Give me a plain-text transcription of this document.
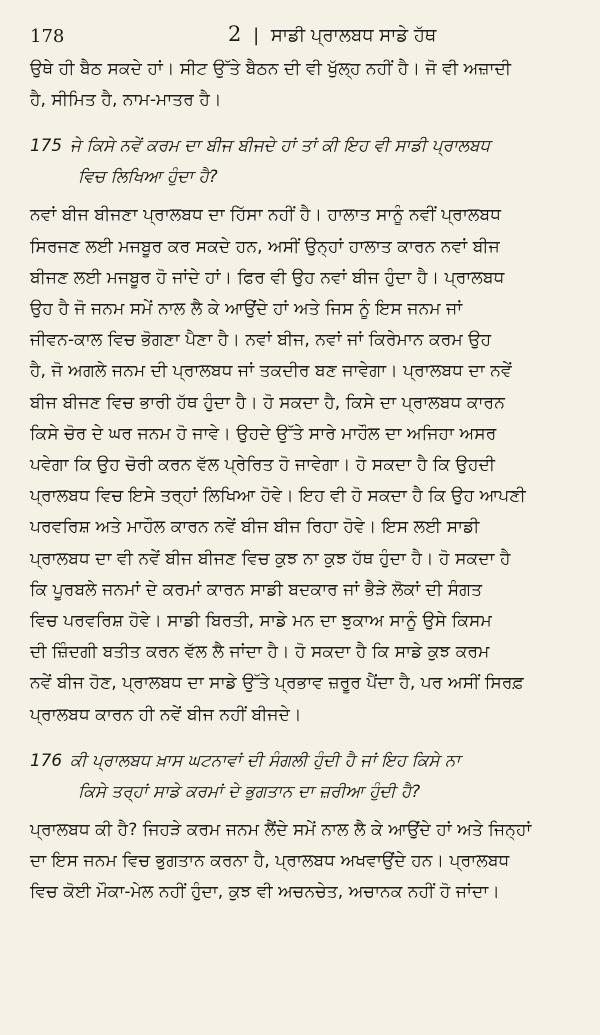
178	2 | ਸਾਡੀ ਪ੍ਰਾਲਬਧ ਸਾਡੇ ਹੱਥ

ਉਥੇ ਹੀ ਬੈਠ ਸਕਦੇ ਹਾਂ। ਸੀਟ ਉੱਤੇ ਬੈਠਨ ਦੀ ਵੀ ਖੁੱਲ੍ਹ ਨਹੀਂ ਹੈ। ਜੋ ਵੀ ਅਜ਼ਾਦੀ
ਹੈ, ਸੀਮਿਤ ਹੈ, ਨਾਮ-ਮਾਤਰ ਹੈ।

175 ਜੇ ਕਿਸੇ ਨਵੇਂ ਕਰਮ ਦਾ ਬੀਜ ਬੀਜਦੇ ਹਾਂ ਤਾਂ ਕੀ ਇਹ ਵੀ ਸਾਡੀ ਪ੍ਰਾਲਬਧ
ਵਿਚ ਲਿਖਿਆ ਹੁੰਦਾ ਹੈ?

ਨਵਾਂ ਬੀਜ ਬੀਜਣਾ ਪ੍ਰਾਲਬਧ ਦਾ ਹਿੱਸਾ ਨਹੀਂ ਹੈ। ਹਾਲਾਤ ਸਾਨੂੰ ਨਵੀਂ ਪ੍ਰਾਲਬਧ
ਸਿਰਜਣ ਲਈ ਮਜਬੂਰ ਕਰ ਸਕਦੇ ਹਨ, ਅਸੀਂ ਉਨ੍ਹਾਂ ਹਾਲਾਤ ਕਾਰਨ ਨਵਾਂ ਬੀਜ
ਬੀਜਣ ਲਈ ਮਜਬੂਰ ਹੋ ਜਾਂਦੇ ਹਾਂ। ਫਿਰ ਵੀ ਉਹ ਨਵਾਂ ਬੀਜ ਹੁੰਦਾ ਹੈ। ਪ੍ਰਾਲਬਧ
ਉਹ ਹੈ ਜੋ ਜਨਮ ਸਮੇਂ ਨਾਲ ਲੈ ਕੇ ਆਉਂਦੇ ਹਾਂ ਅਤੇ ਜਿਸ ਨੂੰ ਇਸ ਜਨਮ ਜਾਂ
ਜੀਵਨ-ਕਾਲ ਵਿਚ ਭੋਗਣਾ ਪੈਣਾ ਹੈ। ਨਵਾਂ ਬੀਜ, ਨਵਾਂ ਜਾਂ ਕਿਰੇਮਾਨ ਕਰਮ ਉਹ
ਹੈ, ਜੋ ਅਗਲੇ ਜਨਮ ਦੀ ਪ੍ਰਾਲਬਧ ਜਾਂ ਤਕਦੀਰ ਬਣ ਜਾਵੇਗਾ। ਪ੍ਰਾਲਬਧ ਦਾ ਨਵੇਂ
ਬੀਜ ਬੀਜਣ ਵਿਚ ਭਾਰੀ ਹੱਥ ਹੁੰਦਾ ਹੈ। ਹੋ ਸਕਦਾ ਹੈ, ਕਿਸੇ ਦਾ ਪ੍ਰਾਲਬਧ ਕਾਰਨ
ਕਿਸੇ ਚੋਰ ਦੇ ਘਰ ਜਨਮ ਹੋ ਜਾਵੇ। ਉਹਦੇ ਉੱਤੇ ਸਾਰੇ ਮਾਹੌਲ ਦਾ ਅਜਿਹਾ ਅਸਰ
ਪਵੇਗਾ ਕਿ ਉਹ ਚੋਰੀ ਕਰਨ ਵੱਲ ਪ੍ਰੇਰਿਤ ਹੋ ਜਾਵੇਗਾ। ਹੋ ਸਕਦਾ ਹੈ ਕਿ ਉਹਦੀ
ਪ੍ਰਾਲਬਧ ਵਿਚ ਇਸੇ ਤਰ੍ਹਾਂ ਲਿਖਿਆ ਹੋਵੇ। ਇਹ ਵੀ ਹੋ ਸਕਦਾ ਹੈ ਕਿ ਉਹ ਆਪਣੀ
ਪਰਵਰਿਸ਼ ਅਤੇ ਮਾਹੌਲ ਕਾਰਨ ਨਵੇਂ ਬੀਜ ਬੀਜ ਰਿਹਾ ਹੋਵੇ। ਇਸ ਲਈ ਸਾਡੀ
ਪ੍ਰਾਲਬਧ ਦਾ ਵੀ ਨਵੇਂ ਬੀਜ ਬੀਜਣ ਵਿਚ ਕੁਝ ਨਾ ਕੁਝ ਹੱਥ ਹੁੰਦਾ ਹੈ। ਹੋ ਸਕਦਾ ਹੈ
ਕਿ ਪੂਰਬਲੇ ਜਨਮਾਂ ਦੇ ਕਰਮਾਂ ਕਾਰਨ ਸਾਡੀ ਬਦਕਾਰ ਜਾਂ ਭੈੜੇ ਲੋਕਾਂ ਦੀ ਸੰਗਤ
ਵਿਚ ਪਰਵਰਿਸ਼ ਹੋਵੇ। ਸਾਡੀ ਬਿਰਤੀ, ਸਾਡੇ ਮਨ ਦਾ ਝੁਕਾਅ ਸਾਨੂੰ ਉਸੇ ਕਿਸਮ
ਦੀ ਜ਼ਿੰਦਗੀ ਬਤੀਤ ਕਰਨ ਵੱਲ ਲੈ ਜਾਂਦਾ ਹੈ। ਹੋ ਸਕਦਾ ਹੈ ਕਿ ਸਾਡੇ ਕੁਝ ਕਰਮ
ਨਵੇਂ ਬੀਜ ਹੋਣ, ਪ੍ਰਾਲਬਧ ਦਾ ਸਾਡੇ ਉੱਤੇ ਪ੍ਰਭਾਵ ਜ਼ਰੂਰ ਪੈਂਦਾ ਹੈ, ਪਰ ਅਸੀਂ ਸਿਰਫ਼
ਪ੍ਰਾਲਬਧ ਕਾਰਨ ਹੀ ਨਵੇਂ ਬੀਜ ਨਹੀਂ ਬੀਜਦੇ।

176 ਕੀ ਪ੍ਰਾਲਬਧ ਖ਼ਾਸ ਘਟਨਾਵਾਂ ਦੀ ਸੰਗਲੀ ਹੁੰਦੀ ਹੈ ਜਾਂ ਇਹ ਕਿਸੇ ਨਾ
ਕਿਸੇ ਤਰ੍ਹਾਂ ਸਾਡੇ ਕਰਮਾਂ ਦੇ ਭੁਗਤਾਨ ਦਾ ਜ਼ਰੀਆ ਹੁੰਦੀ ਹੈ?

ਪ੍ਰਾਲਬਧ ਕੀ ਹੈ? ਜਿਹੜੇ ਕਰਮ ਜਨਮ ਲੈਂਦੇ ਸਮੇਂ ਨਾਲ ਲੈ ਕੇ ਆਉਂਦੇ ਹਾਂ ਅਤੇ ਜਿਨ੍ਹਾਂ
ਦਾ ਇਸ ਜਨਮ ਵਿਚ ਭੁਗਤਾਨ ਕਰਨਾ ਹੈ, ਪ੍ਰਾਲਬਧ ਅਖਵਾਉਂਦੇ ਹਨ। ਪ੍ਰਾਲਬਧ
ਵਿਚ ਕੋਈ ਮੌਕਾ-ਮੇਲ ਨਹੀਂ ਹੁੰਦਾ, ਕੁਝ ਵੀ ਅਚਨਚੇਤ, ਅਚਾਨਕ ਨਹੀਂ ਹੋ ਜਾਂਦਾ।
